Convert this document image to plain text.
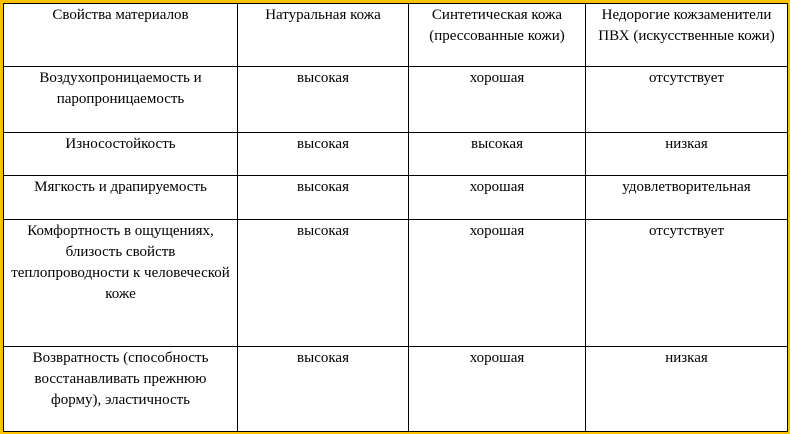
Свойства материалов	Натуральная кожа	Синтетическая кожа (прессованные кожи)	Недорогие кожзаменители ПВХ (искусственные кожи)
Воздухопроницаемость и паропроницаемость	высокая	хорошая	отсутствует
Износостойкость	высокая	высокая	низкая
Мягкость и драпируемость	высокая	хорошая	удовлетворительная
Комфортность в ощущениях, близость свойств теплопроводности к человеческой коже	высокая	хорошая	отсутствует
Возвратность (способность восстанавливать прежнюю форму), эластичность	высокая	хорошая	низкая
